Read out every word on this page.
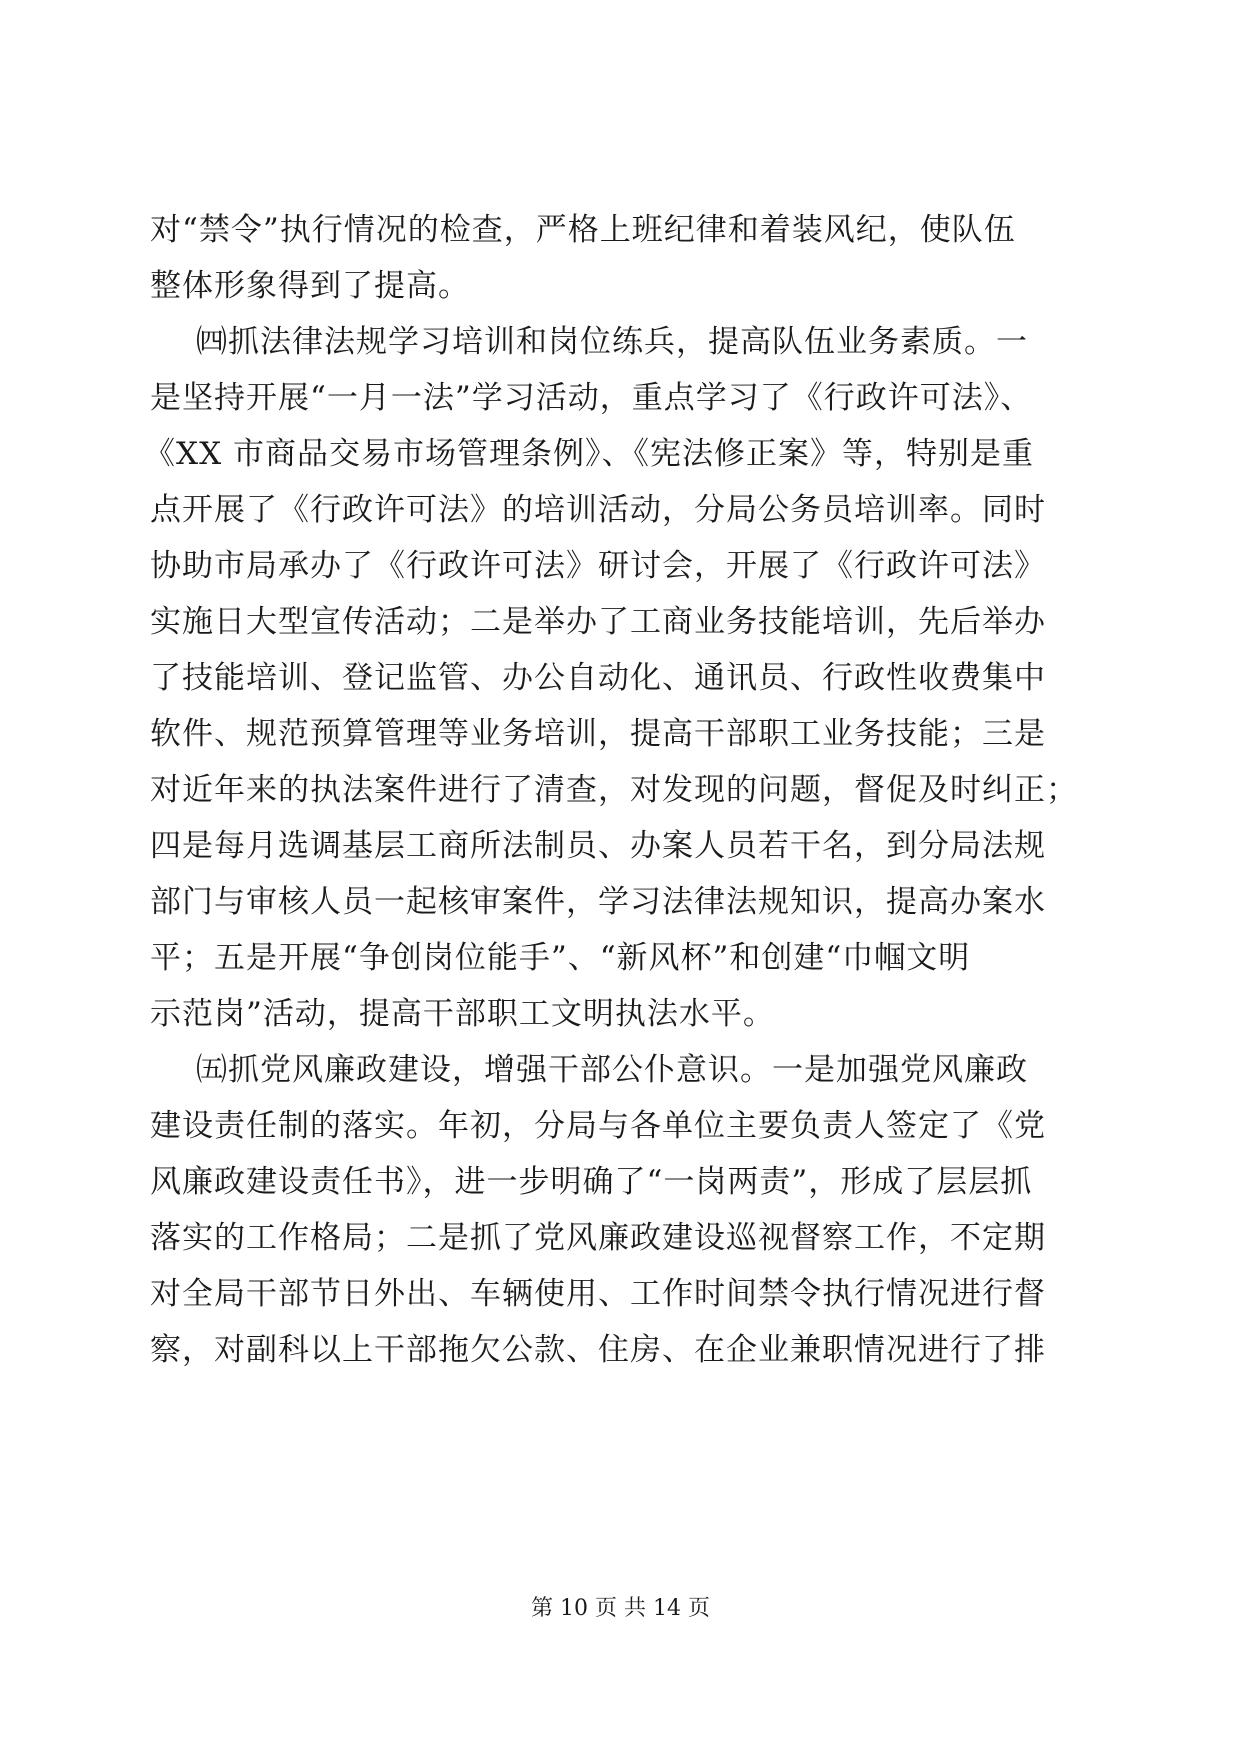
对“禁令”执行情况的检查，严格上班纪律和着装风纪，使队伍
整体形象得到了提高。
㈣抓法律法规学习培训和岗位练兵，提高队伍业务素质。一
是坚持开展“一月一法”学习活动，重点学习了《行政许可法》、
《XX 市商品交易市场管理条例》、《宪法修正案》等，特别是重
点开展了《行政许可法》的培训活动，分局公务员培训率。同时
协助市局承办了《行政许可法》研讨会，开展了《行政许可法》
实施日大型宣传活动；二是举办了工商业务技能培训，先后举办
了技能培训、登记监管、办公自动化、通讯员、行政性收费集中
软件、规范预算管理等业务培训，提高干部职工业务技能；三是
对近年来的执法案件进行了清查，对发现的问题，督促及时纠正；
四是每月选调基层工商所法制员、办案人员若干名，到分局法规
部门与审核人员一起核审案件，学习法律法规知识，提高办案水
平；五是开展“争创岗位能手”、“新风杯”和创建“巾帼文明
示范岗”活动，提高干部职工文明执法水平。
㈤抓党风廉政建设，增强干部公仆意识。一是加强党风廉政
建设责任制的落实。年初，分局与各单位主要负责人签定了《党
风廉政建设责任书》，进一步明确了“一岗两责”，形成了层层抓
落实的工作格局；二是抓了党风廉政建设巡视督察工作，不定期
对全局干部节日外出、车辆使用、工作时间禁令执行情况进行督
察，对副科以上干部拖欠公款、住房、在企业兼职情况进行了排
第 10 页 共 14 页
